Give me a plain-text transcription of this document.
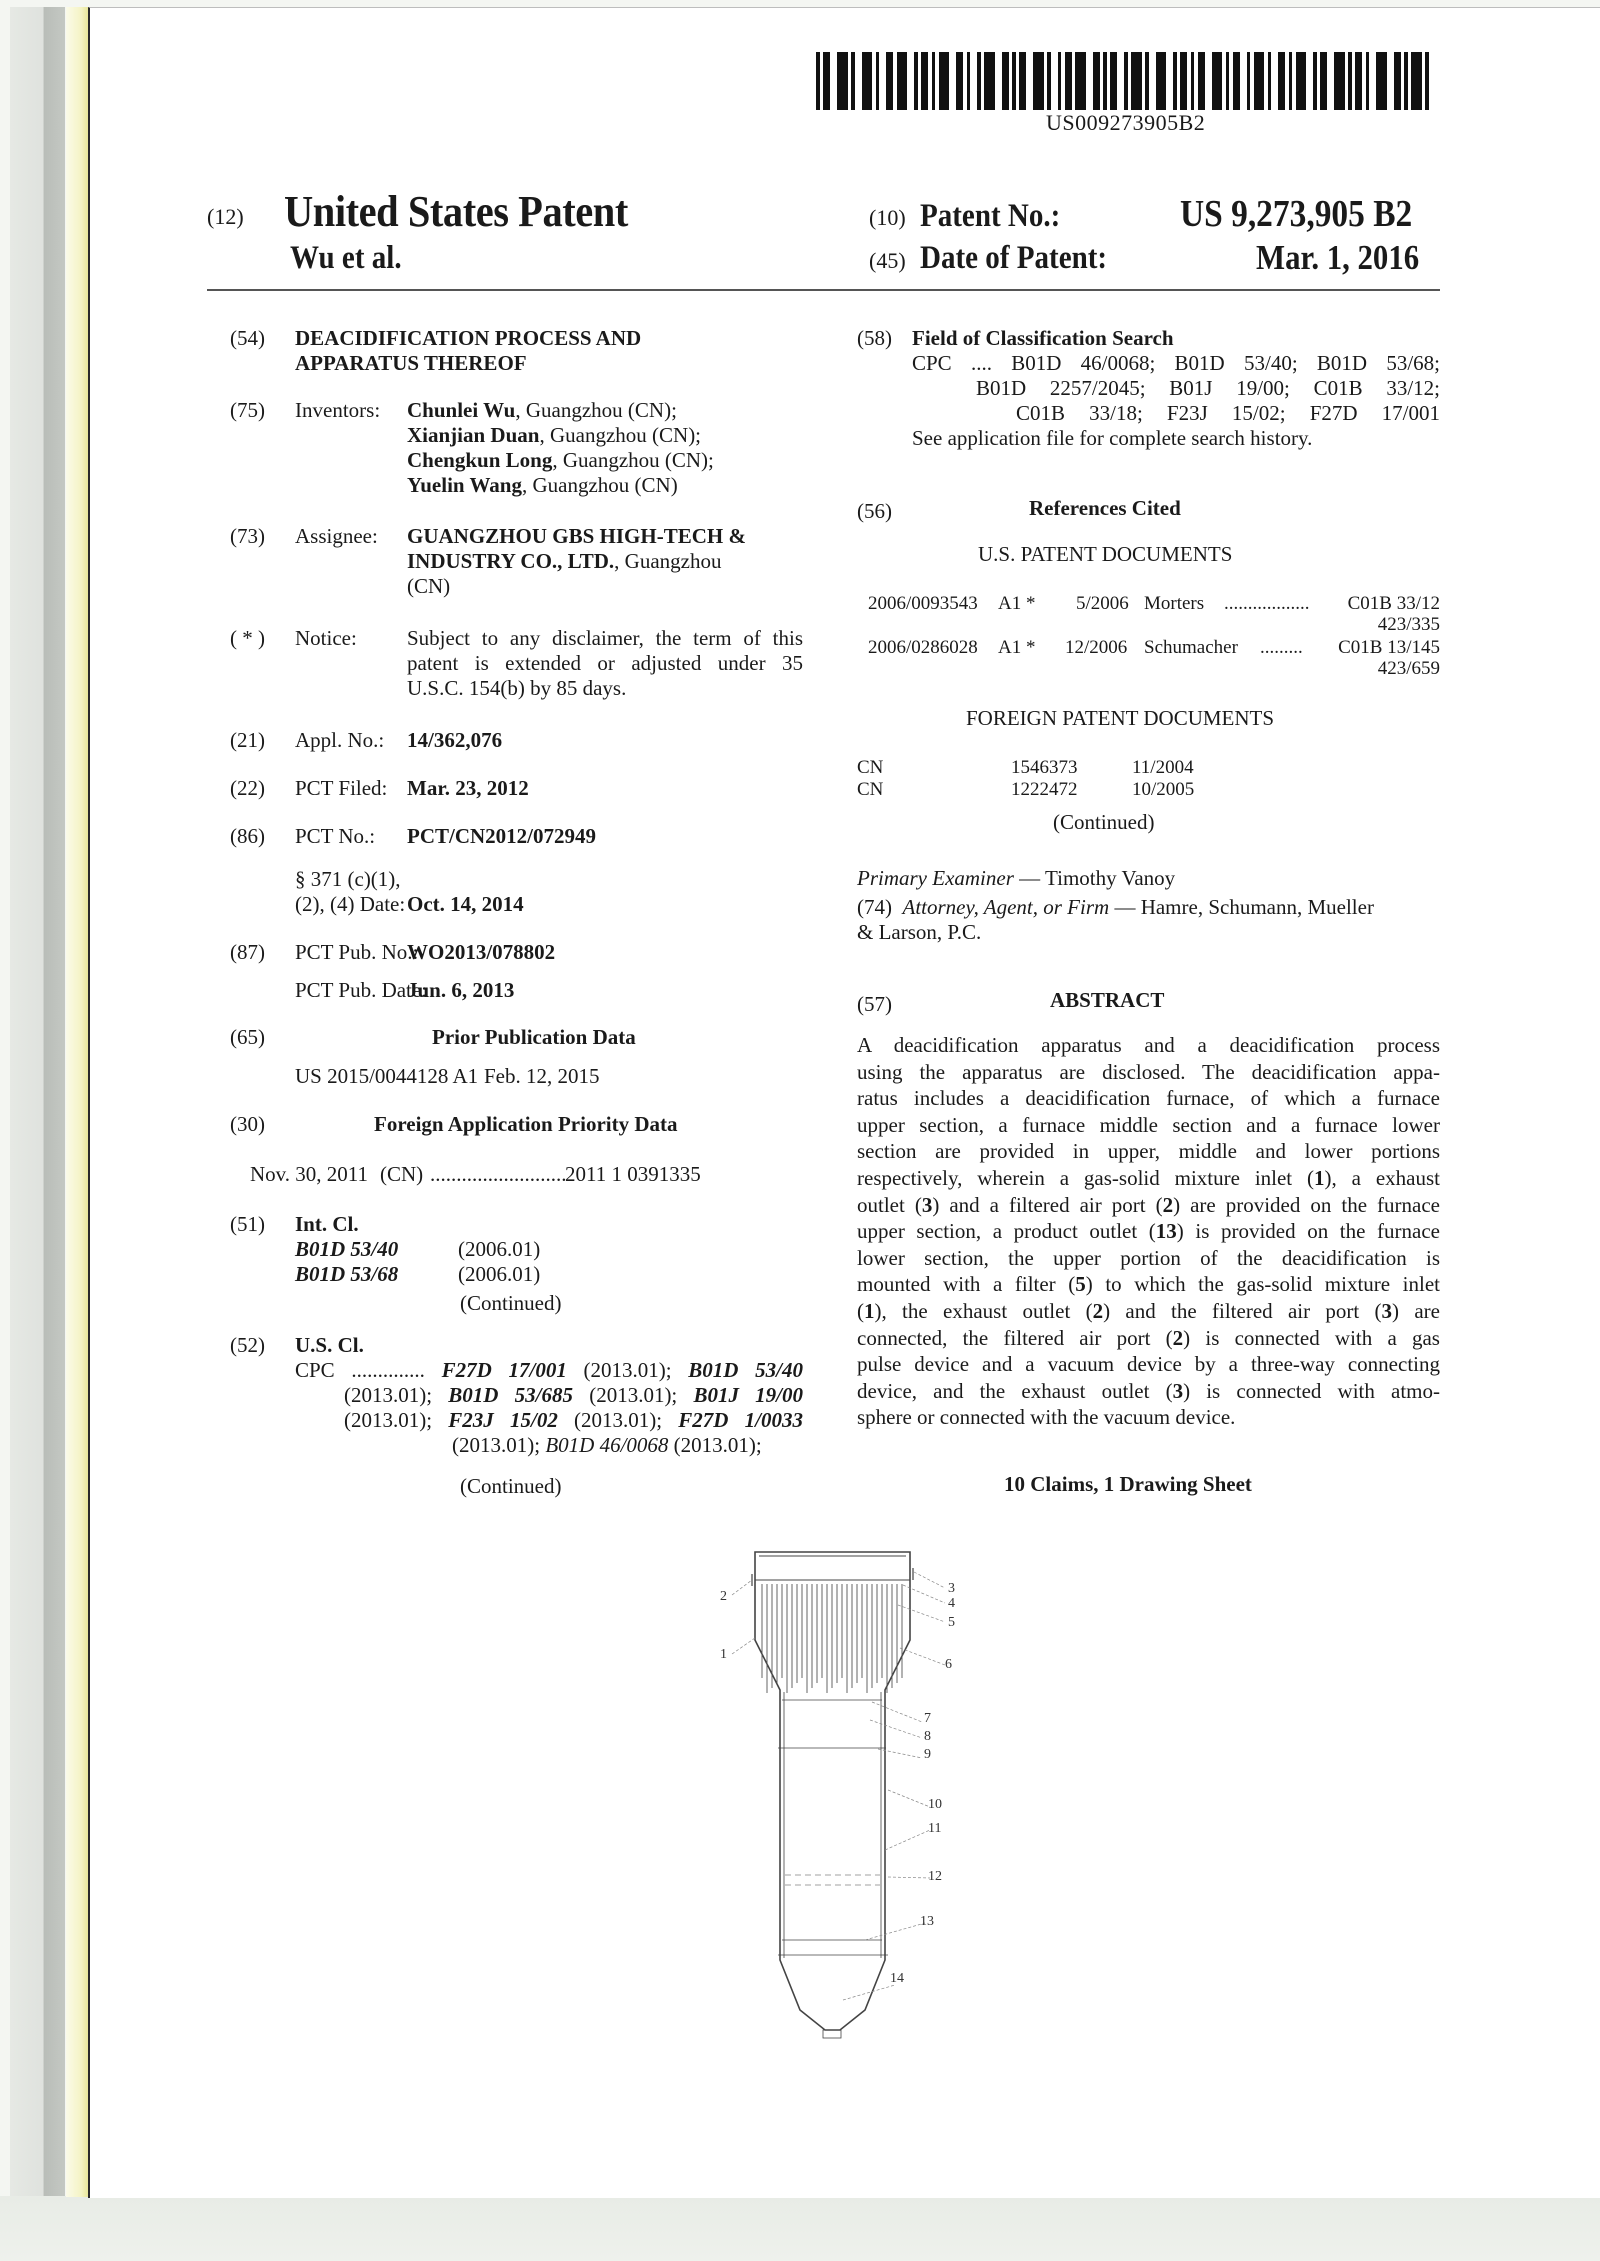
US009273905B2
(12) United States Patent
Wu et al.
(10) Patent No.:	US 9,273,905 B2
(45) Date of Patent:	Mar. 1, 2016
(54) DEACIDIFICATION PROCESS AND
APPARATUS THEREOF
(75) Inventors: Chunlei Wu, Guangzhou (CN);
Xianjian Duan, Guangzhou (CN);
Chengkun Long, Guangzhou (CN);
Yuelin Wang, Guangzhou (CN)
(73) Assignee: GUANGZHOU GBS HIGH-TECH &
INDUSTRY CO., LTD., Guangzhou
(CN)
( * ) Notice: Subject to any disclaimer, the term of this
patent is extended or adjusted under 35
U.S.C. 154(b) by 85 days.
(21) Appl. No.: 14/362,076
(22) PCT Filed: Mar. 23, 2012
(86) PCT No.: PCT/CN2012/072949
§ 371 (c)(1),
(2), (4) Date: Oct. 14, 2014
(87) PCT Pub. No.:
WO2013/078802
PCT Pub. Date:
Jun. 6, 2013
(65)	Prior Publication Data
US 2015/0044128 A1 Feb. 12, 2015
(30)	Foreign Application Priority Data
Nov. 30, 2011 (CN) ..........................
2011 1 0391335
(51) Int. Cl.
B01D 53/40	(2006.01)
B01D 53/68	(2006.01)
(Continued)
(52) U.S. Cl.
CPC .............. F27D 17/001 (2013.01); B01D 53/40
(2013.01); B01D 53/685 (2013.01); B01J 19/00
(2013.01); F23J 15/02 (2013.01); F27D 1/0033
(2013.01); B01D 46/0068 (2013.01);
(Continued)
(58) Field of Classification Search
CPC .... B01D 46/0068; B01D 53/40; B01D 53/68;
B01D 2257/2045; B01J 19/00; C01B 33/12;
C01B 33/18; F23J 15/02; F27D 17/001
See application file for complete search history.
(56)	References Cited
U.S. PATENT DOCUMENTS
2006/0093543 A1 * 5/2006 Morters ..................	C01B 33/12
423/335
2006/0286028 A1 * 12/2006 Schumacher .........	C01B 13/145
423/659
FOREIGN PATENT DOCUMENTS
CN	1546373	11/2004
CN	1222472	10/2005
(Continued)
Primary Examiner — Timothy Vanoy
(74) Attorney, Agent, or Firm — Hamre, Schumann, Mueller
& Larson, P.C.
(57)	ABSTRACT
A deacidification apparatus and a deacidification process
using the apparatus are disclosed. The deacidification appa-
ratus includes a deacidification furnace, of which a furnace
upper section, a furnace middle section and a furnace lower
section are provided in upper, middle and lower portions
respectively, wherein a gas-solid mixture inlet (1), a exhaust
outlet (3) and a filtered air port (2) are provided on the furnace
upper section, a product outlet (13) is provided on the furnace
lower section, the upper portion of the deacidification is
mounted with a filter (5) to which the gas-solid mixture inlet
(1), the exhaust outlet (2) and the filtered air port (3) are
connected, the filtered air port (2) is connected with a gas
pulse device and a vacuum device by a three-way connecting
device, and the exhaust outlet (3) is connected with atmo-
sphere or connected with the vacuum device.
10 Claims, 1 Drawing Sheet
2
1
3
4
5
6
7
8
9
10
11
12
13
14
